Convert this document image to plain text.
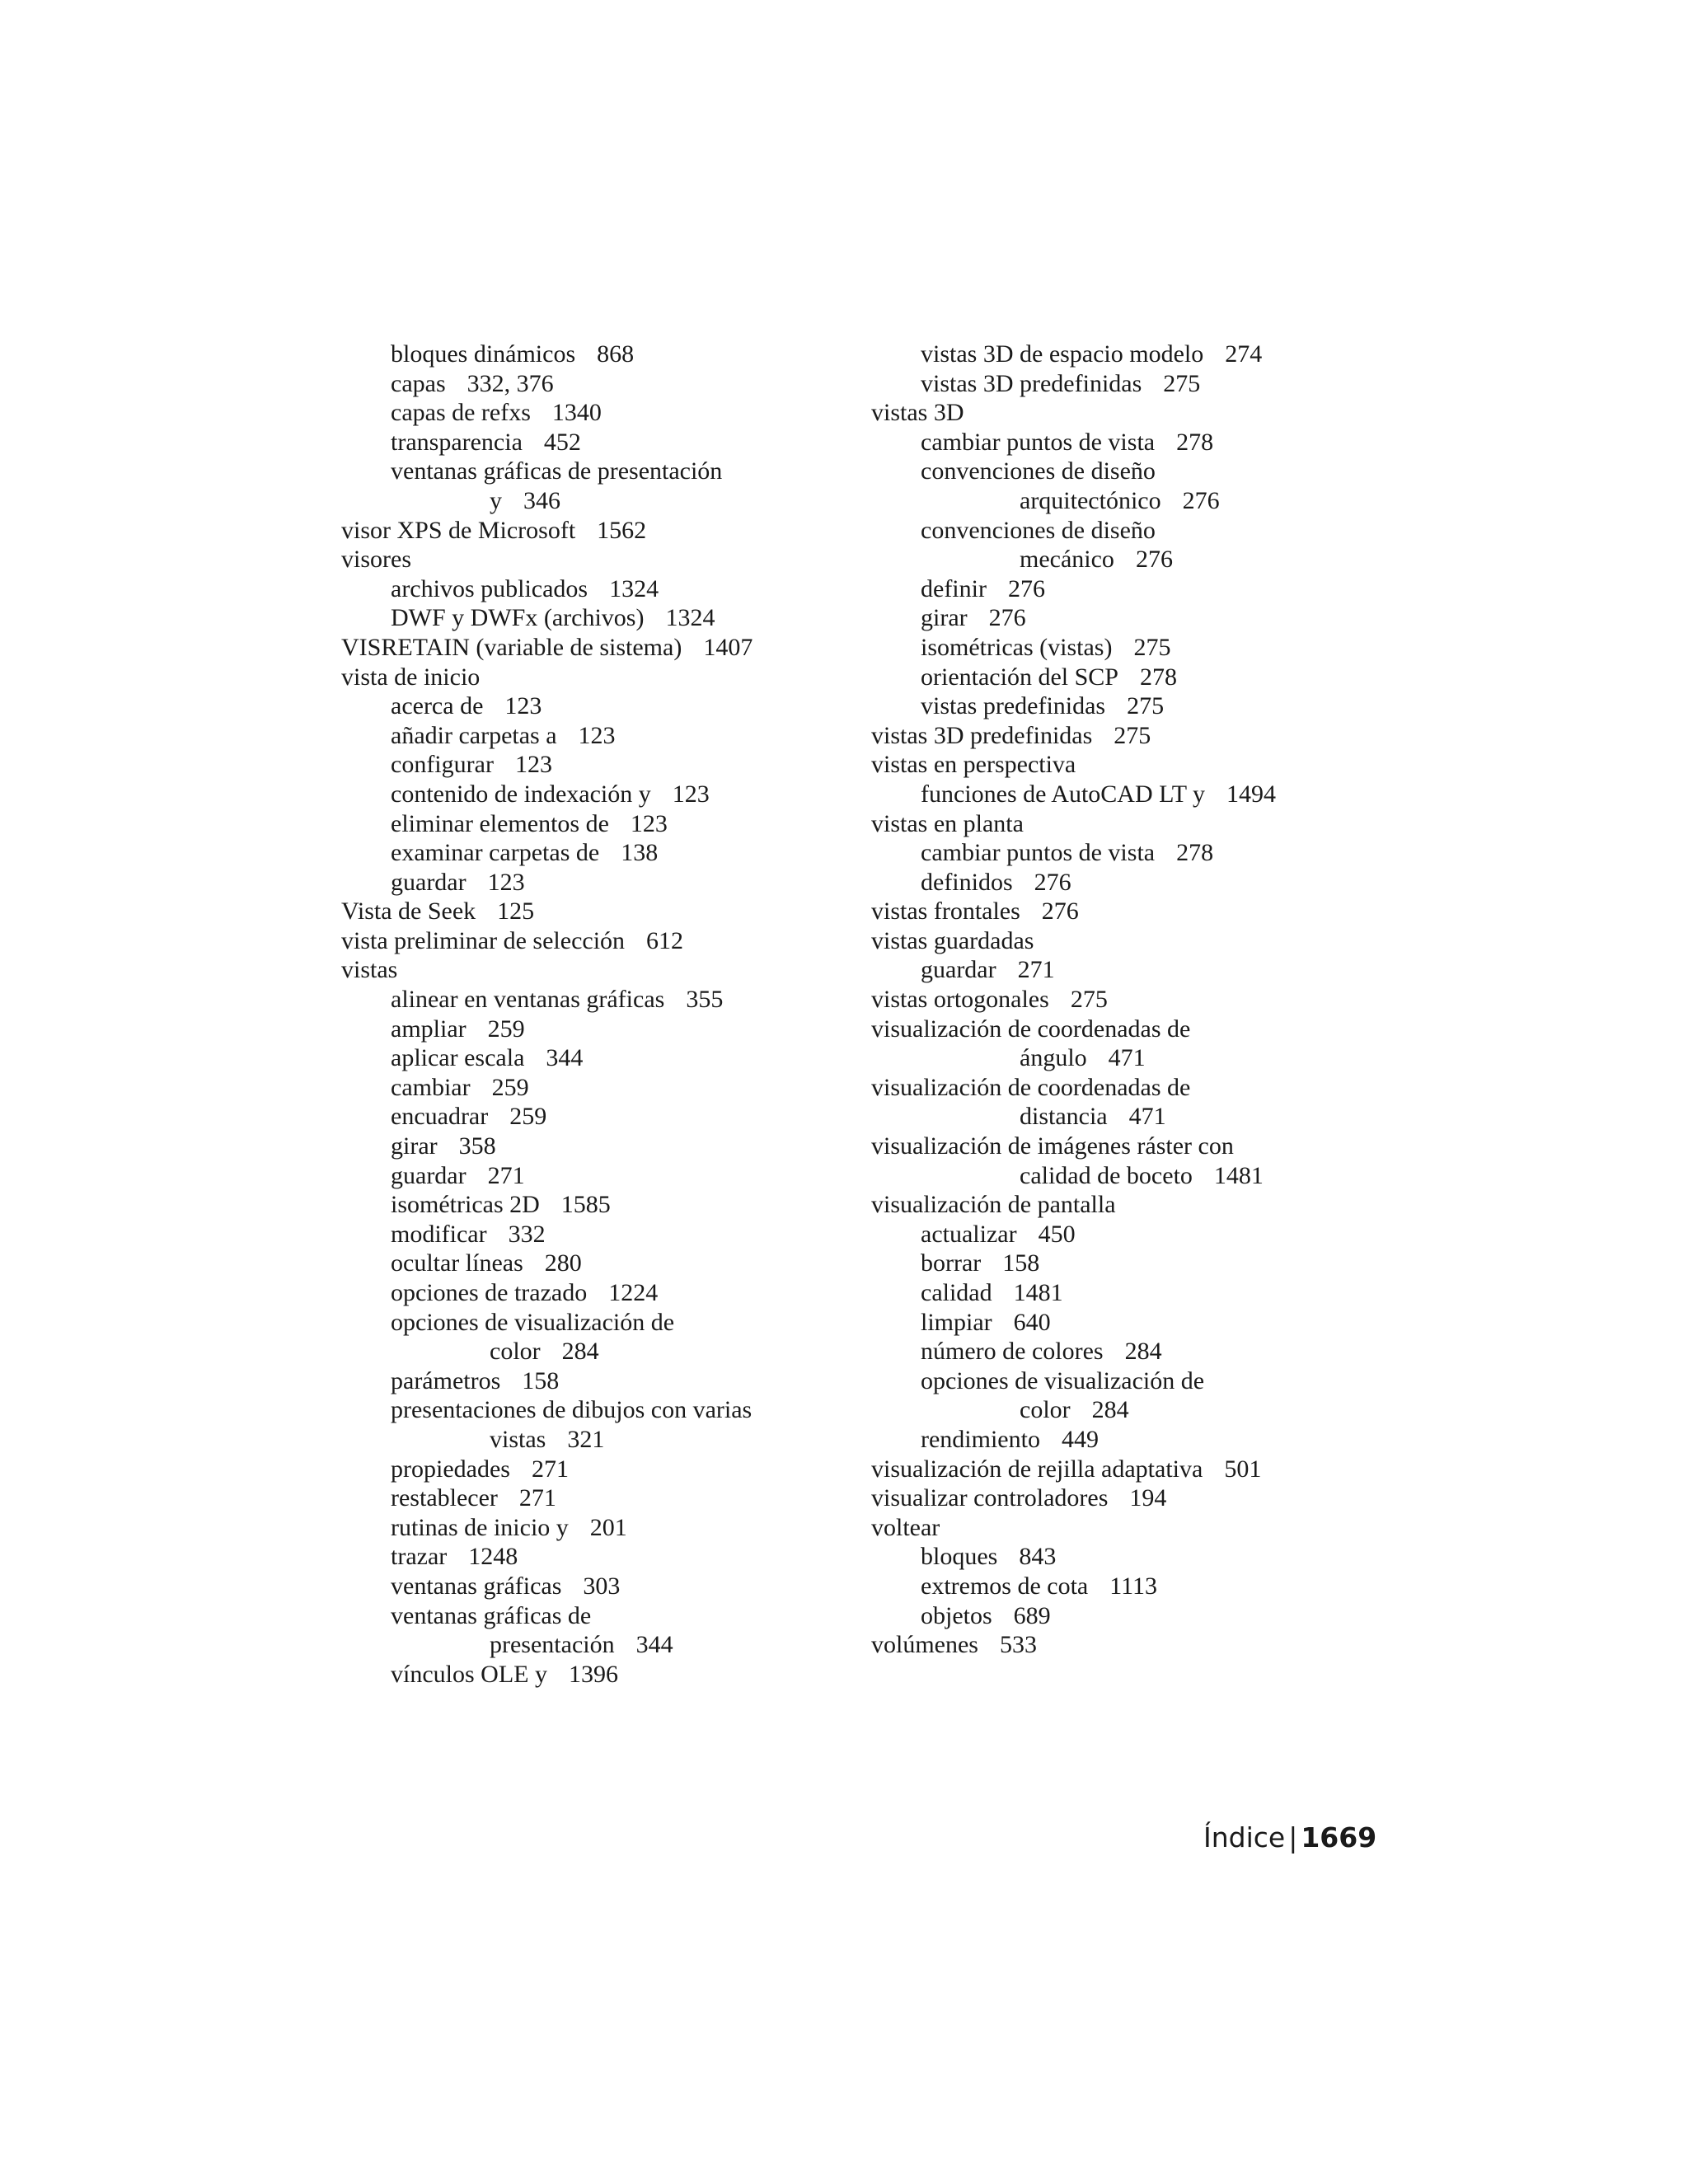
bloques dinámicos 868
capas 332, 376
capas de refxs 1340
transparencia 452
ventanas gráficas de presentación
y 346
visor XPS de Microsoft 1562
visores
archivos publicados 1324
DWF y DWFx (archivos) 1324
VISRETAIN (variable de sistema) 1407
vista de inicio
acerca de 123
añadir carpetas a 123
configurar 123
contenido de indexación y 123
eliminar elementos de 123
examinar carpetas de 138
guardar 123
Vista de Seek 125
vista preliminar de selección 612
vistas
alinear en ventanas gráficas 355
ampliar 259
aplicar escala 344
cambiar 259
encuadrar 259
girar 358
guardar 271
isométricas 2D 1585
modificar 332
ocultar líneas 280
opciones de trazado 1224
opciones de visualización de
color 284
parámetros 158
presentaciones de dibujos con varias
vistas 321
propiedades 271
restablecer 271
rutinas de inicio y 201
trazar 1248
ventanas gráficas 303
ventanas gráficas de
presentación 344
vínculos OLE y 1396
vistas 3D de espacio modelo 274
vistas 3D predefinidas 275
vistas 3D
cambiar puntos de vista 278
convenciones de diseño
arquitectónico 276
convenciones de diseño
mecánico 276
definir 276
girar 276
isométricas (vistas) 275
orientación del SCP 278
vistas predefinidas 275
vistas 3D predefinidas 275
vistas en perspectiva
funciones de AutoCAD LT y 1494
vistas en planta
cambiar puntos de vista 278
definidos 276
vistas frontales 276
vistas guardadas
guardar 271
vistas ortogonales 275
visualización de coordenadas de
ángulo 471
visualización de coordenadas de
distancia 471
visualización de imágenes ráster con
calidad de boceto 1481
visualización de pantalla
actualizar 450
borrar 158
calidad 1481
limpiar 640
número de colores 284
opciones de visualización de
color 284
rendimiento 449
visualización de rejilla adaptativa 501
visualizar controladores 194
voltear
bloques 843
extremos de cota 1113
objetos 689
volúmenes 533
Índice | 1669
